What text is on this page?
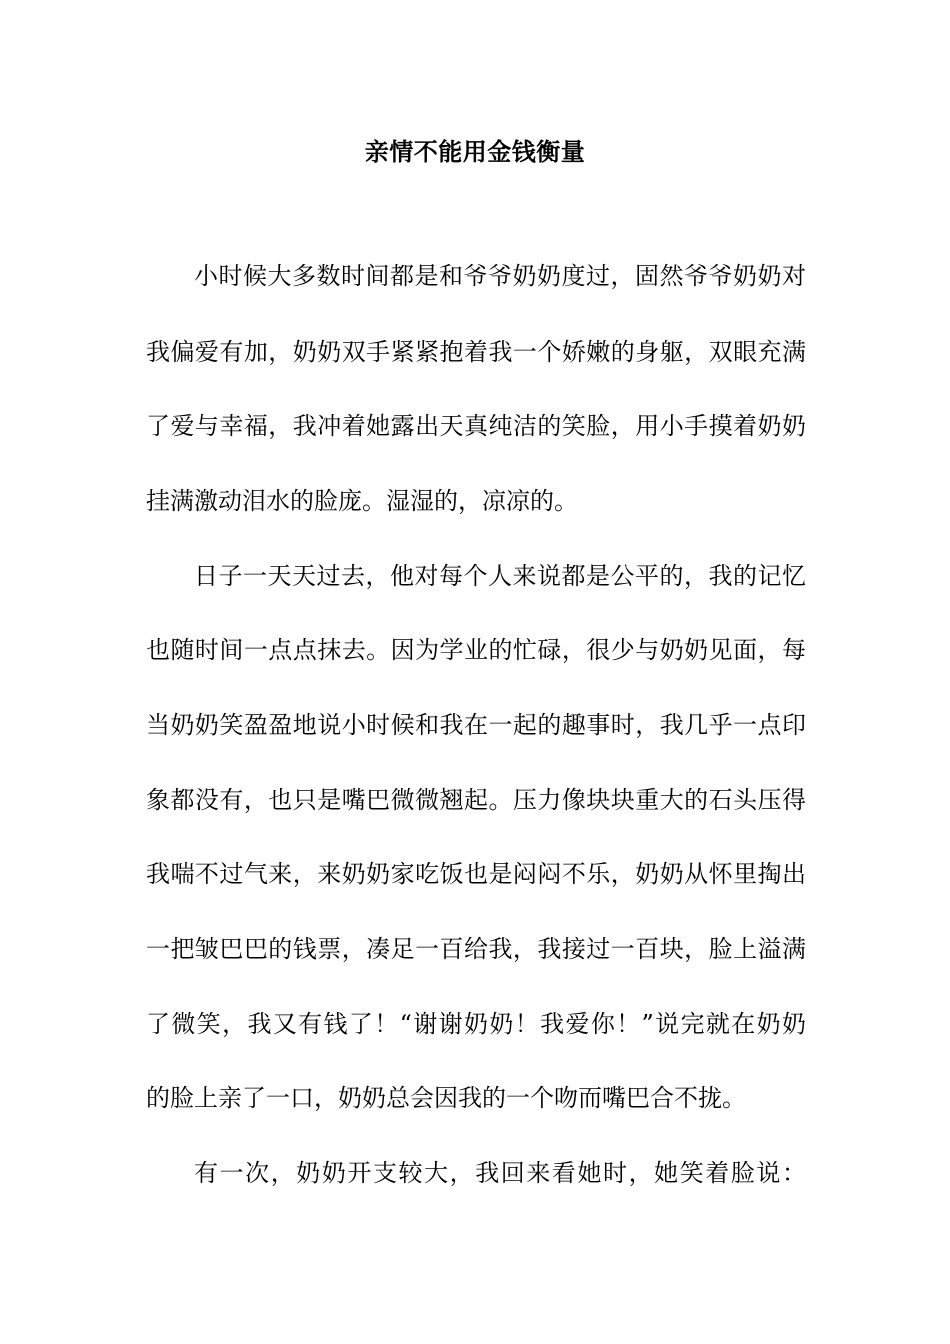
亲情不能用金钱衡量
小时候大多数时间都是和爷爷奶奶度过，固然爷爷奶奶对
我偏爱有加，奶奶双手紧紧抱着我一个娇嫩的身躯，双眼充满
了爱与幸福，我冲着她露出天真纯洁的笑脸，用小手摸着奶奶
挂满激动泪水的脸庞。湿湿的，凉凉的。
日子一天天过去，他对每个人来说都是公平的，我的记忆
也随时间一点点抹去。因为学业的忙碌，很少与奶奶见面，每
当奶奶笑盈盈地说小时候和我在一起的趣事时，我几乎一点印
象都没有，也只是嘴巴微微翘起。压力像块块重大的石头压得
我喘不过气来，来奶奶家吃饭也是闷闷不乐，奶奶从怀里掏出
一把皱巴巴的钱票，凑足一百给我，我接过一百块，脸上溢满
了微笑，我又有钱了！“谢谢奶奶！我爱你！”说完就在奶奶
的脸上亲了一口，奶奶总会因我的一个吻而嘴巴合不拢。
有一次，奶奶开支较大，我回来看她时，她笑着脸说：
